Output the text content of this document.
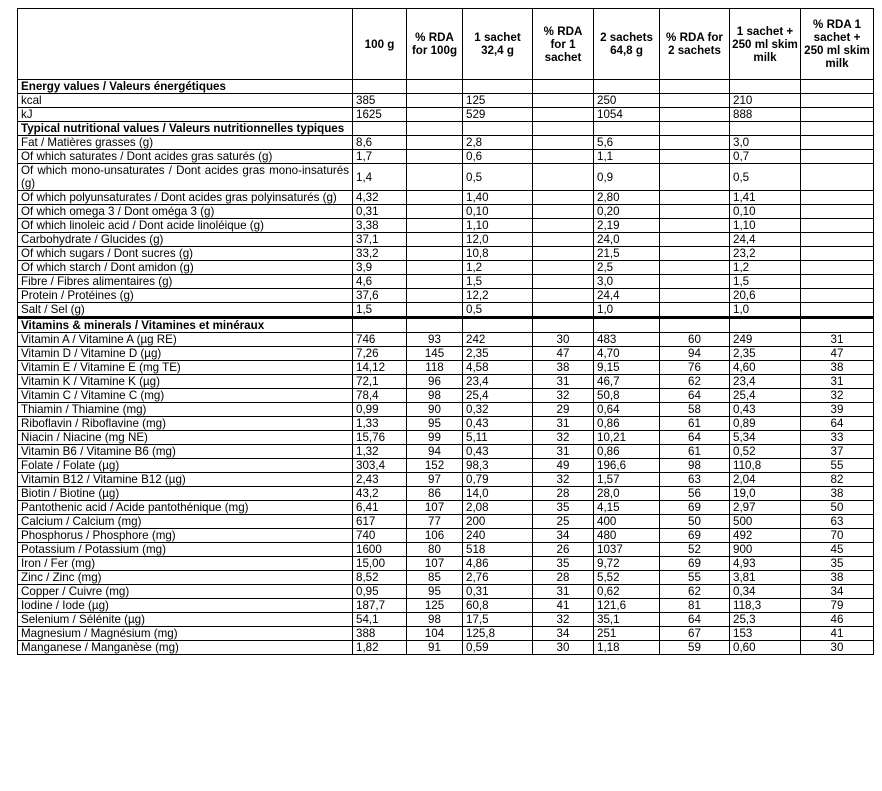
	100 g	% RDA for 100g	1 sachet 32,4 g	% RDA for 1 sachet	2 sachets 64,8 g	% RDA for 2 sachets	1 sachet + 250 ml skim milk	% RDA 1 sachet + 250 ml skim milk
Energy values / Valeurs énergétiques								
kcal	385		125		250		210	
kJ	1625		529		1054		888	
Typical nutritional values / Valeurs nutritionnelles typiques								
Fat / Matières grasses (g)	8,6		2,8		5,6		3,0	
Of which saturates / Dont acides gras saturés (g)	1,7		0,6		1,1		0,7	
Of which mono-unsaturates / Dont acides gras mono-insaturés (g)	1,4		0,5		0,9		0,5	
Of which polyunsaturates / Dont acides gras polyinsaturés (g)	4,32		1,40		2,80		1,41	
Of which omega 3 / Dont oméga 3 (g)	0,31		0,10		0,20		0,10	
Of which linoleic acid / Dont acide linoléique (g)	3,38		1,10		2,19		1,10	
Carbohydrate / Glucides (g)	37,1		12,0		24,0		24,4	
Of which sugars / Dont sucres (g)	33,2		10,8		21,5		23,2	
Of which starch / Dont amidon (g)	3,9		1,2		2,5		1,2	
Fibre / Fibres alimentaires (g)	4,6		1,5		3,0		1,5	
Protein / Protéines (g)	37,6		12,2		24,4		20,6	
Salt / Sel (g)	1,5		0,5		1,0		1,0	
Vitamins & minerals / Vitamines et minéraux								
Vitamin A / Vitamine A (µg RE)	746	93	242	30	483	60	249	31
Vitamin D / Vitamine D (µg)	7,26	145	2,35	47	4,70	94	2,35	47
Vitamin E / Vitamine E (mg TE)	14,12	118	4,58	38	9,15	76	4,60	38
Vitamin K / Vitamine K (µg)	72,1	96	23,4	31	46,7	62	23,4	31
Vitamin C / Vitamine C (mg)	78,4	98	25,4	32	50,8	64	25,4	32
Thiamin / Thiamine (mg)	0,99	90	0,32	29	0,64	58	0,43	39
Riboflavin / Riboflavine (mg)	1,33	95	0,43	31	0,86	61	0,89	64
Niacin / Niacine (mg NE)	15,76	99	5,11	32	10,21	64	5,34	33
Vitamin B6 / Vitamine B6 (mg)	1,32	94	0,43	31	0,86	61	0,52	37
Folate / Folate (µg)	303,4	152	98,3	49	196,6	98	110,8	55
Vitamin B12 / Vitamine B12 (µg)	2,43	97	0,79	32	1,57	63	2,04	82
Biotin / Biotine (µg)	43,2	86	14,0	28	28,0	56	19,0	38
Pantothenic acid / Acide pantothénique (mg)	6,41	107	2,08	35	4,15	69	2,97	50
Calcium / Calcium (mg)	617	77	200	25	400	50	500	63
Phosphorus / Phosphore (mg)	740	106	240	34	480	69	492	70
Potassium / Potassium (mg)	1600	80	518	26	1037	52	900	45
Iron / Fer (mg)	15,00	107	4,86	35	9,72	69	4,93	35
Zinc / Zinc (mg)	8,52	85	2,76	28	5,52	55	3,81	38
Copper / Cuivre (mg)	0,95	95	0,31	31	0,62	62	0,34	34
Iodine / Iode (µg)	187,7	125	60,8	41	121,6	81	118,3	79
Selenium / Sélénite (µg)	54,1	98	17,5	32	35,1	64	25,3	46
Magnesium / Magnésium (mg)	388	104	125,8	34	251	67	153	41
Manganese / Manganèse (mg)	1,82	91	0,59	30	1,18	59	0,60	30
